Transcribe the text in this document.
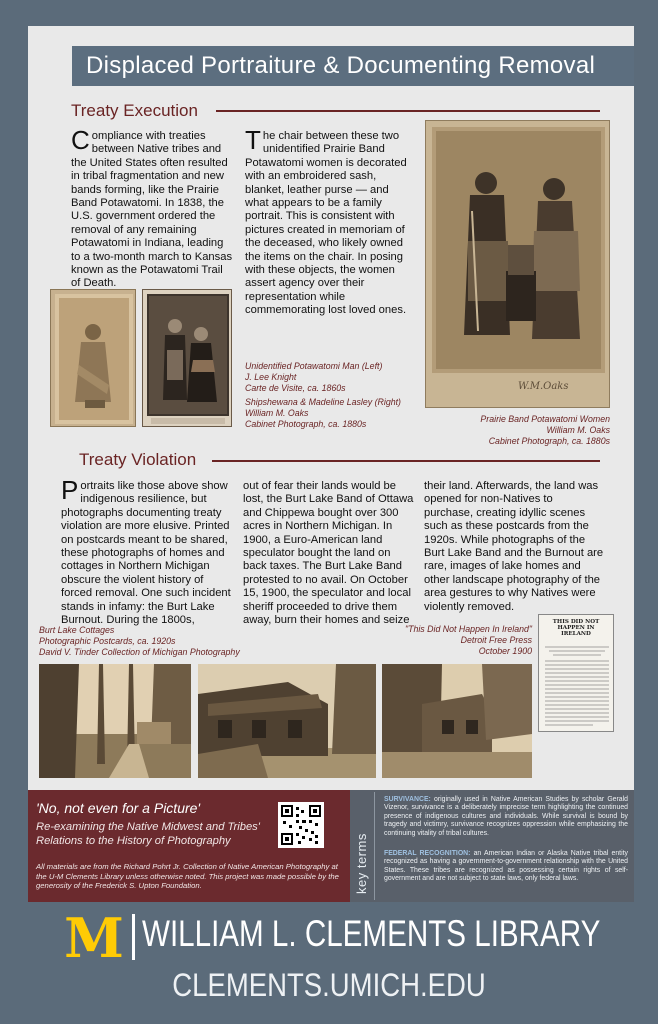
Displaced Portraiture & Documenting Removal
Treaty Execution
Compliance with treaties between Native tribes and the United States often resulted in tribal fragmentation and new bands forming, like the Prairie Band Potawatomi. In 1838, the U.S. government ordered the removal of any remaining Potawatomi in Indiana, leading to a two-month march to Kansas known as the Potawatomi Trail of Death.
The chair between these two unidentified Prairie Band Potawatomi women is decorated with an embroidered sash, blanket, leather purse — and what appears to be a family portrait. This is consistent with pictures created in memoriam of the deceased, who likely owned the items on the chair. In posing with these objects, the women assert agency over their representation while commemorating lost loved ones.
Unidentified Potawatomi Man (Left)
J. Lee Knight
Carte de Visite, ca. 1860s
Shipshewana & Madeline Lasley (Right)
William M. Oaks
Cabinet Photograph, ca. 1880s
W.M.Oaks
Prairie Band Potawatomi Women
William M. Oaks
Cabinet Photograph, ca. 1880s
Treaty Violation
Portraits like those above show indigenous resilience, but photographs documenting treaty violation are more elusive. Printed on postcards meant to be shared, these photographs of homes and cottages in Northern Michigan obscure the violent history of forced removal. One such incident stands in infamy: the Burt Lake Burnout. During the 1800s,
out of fear their lands would be lost, the Burt Lake Band of Ottawa and Chippewa bought over 300 acres in Northern Michigan. In 1900, a Euro-American land speculator bought the land on back taxes. The Burt Lake Band protested to no avail. On October 15, 1900, the speculator and local sheriff proceeded to drive them away, burn their homes and seize
their land. Afterwards, the land was opened for non-Natives to purchase, creating idyllic scenes such as these postcards from the 1920s. While photographs of the Burt Lake Band and the Burnout are rare, images of lake homes and other landscape photography of the area gestures to why Natives were violently removed.
Burt Lake Cottages
Photographic Postcards, ca. 1920s
David V. Tinder Collection of Michigan Photography
"This Did Not Happen In Ireland"
Detroit Free Press
October 1900
THIS DID NOT HAPPEN IN IRELAND
'No, not even for a Picture'
Re-examining the Native Midwest and Tribes'
Relations to the History of Photography
All materials are from the Richard Pohrt Jr. Collection of Native American Photography at the U-M Clements Library unless otherwise noted. This project was made possible by the generosity of the Frederick S. Upton Foundation.	key terms
SURVIVANCE: originally used in Native American Studies by scholar Gerald Vizenor, survivance is a deliberately imprecise term highlighting the continued presence of indigenous cultures and individuals. While survival is bound by tragedy and victimry, survivance recognizes oppression while emphasizing the continuing vitality of tribal cultures.
FEDERAL RECOGNITION: an American Indian or Alaska Native tribal entity recognized as having a government-to-government relationship with the United States. These tribes are recognized as possessing certain rights of self-government and are not subject to state laws, only federal laws.
M WILLIAM L. CLEMENTS LIBRARY
CLEMENTS.UMICH.EDU
